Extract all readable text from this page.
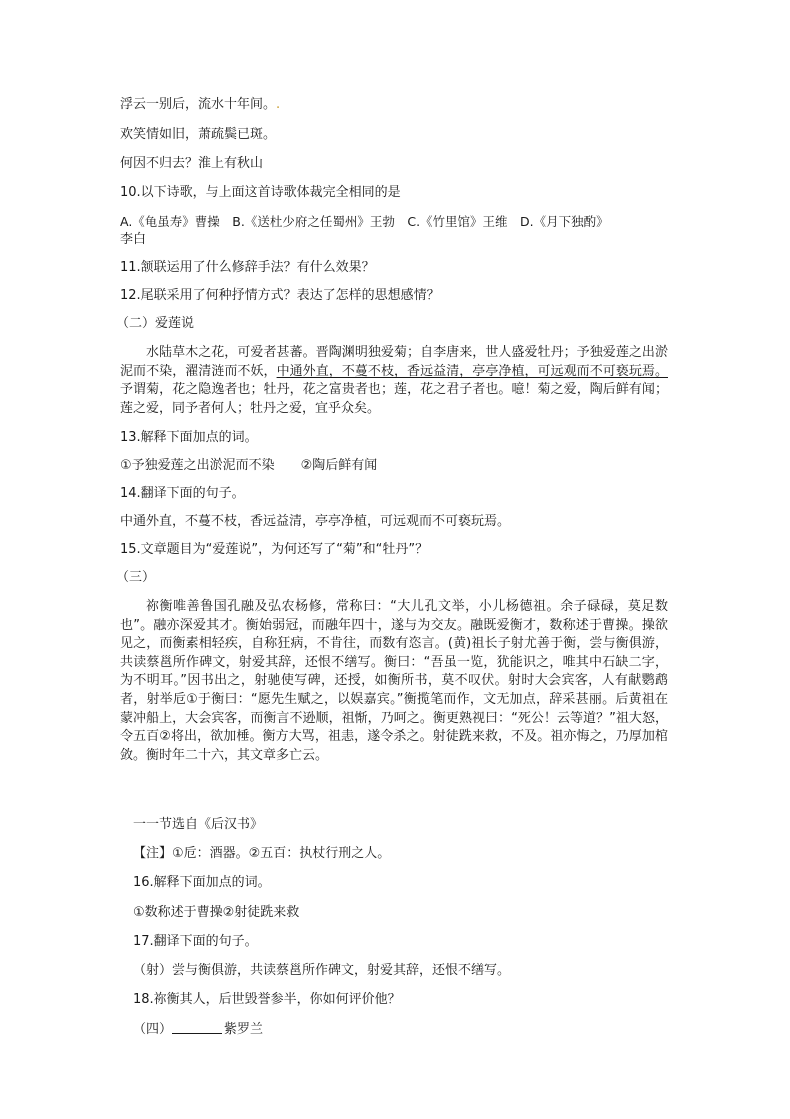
浮云一别后，流水十年间。.
欢笑情如旧，萧疏鬓已斑。
何因不归去？淮上有秋山
10.以下诗歌，与上面这首诗歌体裁完全相同的是
A.《龟虽寿》曹操　B.《送杜少府之任蜀州》王勃　C.《竹里馆》王维　D.《月下独酌》
李白
11.颔联运用了什么修辞手法？有什么效果？
12.尾联采用了何种抒情方式？表达了怎样的思想感情？
（二）爱莲说
水陆草木之花，可爱者甚蕃。晋陶渊明独爱菊；自李唐来，世人盛爱牡丹；予独爱莲之出淤泥而不染，濯清涟而不妖，中通外直，不蔓不枝，香远益清，亭亭净植，可远观而不可亵玩焉。予谓菊，花之隐逸者也；牡丹，花之富贵者也；莲，花之君子者也。噫！菊之爱，陶后鲜有闻；莲之爱，同予者何人；牡丹之爱，宜乎众矣。
13.解释下面加点的词。
①予独爱莲之出淤泥而不染　　②陶后鲜有闻
14.翻译下面的句子。
中通外直，不蔓不枝，香远益清，亭亭净植，可远观而不可亵玩焉。
15.文章题目为“爱莲说”，为何还写了“菊”和“牡丹”？
（三）
祢衡唯善鲁国孔融及弘农杨修，常称曰：“大儿孔文举，小儿杨德祖。余子碌碌，莫足数也”。融亦深爱其才。衡始弱冠，而融年四十，遂与为交友。融既爱衡才，数称述于曹操。操欲见之，而衡素相轻疾，自称狂病，不肯往，而数有恣言。(黄)祖长子射尤善于衡，尝与衡俱游，共读蔡邕所作碑文，射爱其辞，还恨不缮写。衡曰：“吾虽一览，犹能识之，唯其中石缺二字，为不明耳。”因书出之，射驰使写碑，还授，如衡所书，莫不叹伏。射时大会宾客，人有献鹦鹉者，射举卮①于衡曰：“愿先生赋之，以娱嘉宾。”衡揽笔而作，文无加点，辞采甚丽。后黄祖在蒙冲船上，大会宾客，而衡言不逊顺，祖惭，乃呵之。衡更熟视曰：“死公！云等道？”祖大怒，令五百②将出，欲加棰。衡方大骂，祖恚，遂令杀之。射徒跣来救，不及。祖亦悔之，乃厚加棺敛。衡时年二十六，其文章多亡云。
一一节选自《后汉书》
【注】①卮：酒器。②五百：执杖行刑之人。
16.解释下面加点的词。
①数称述于曹操②射徒跣来救
17.翻译下面的句子。
（射）尝与衡俱游，共读蔡邕所作碑文，射爱其辞，还恨不缮写。
18.祢衡其人，后世毁誉参半，你如何评价他？
（四）	紫罗兰
